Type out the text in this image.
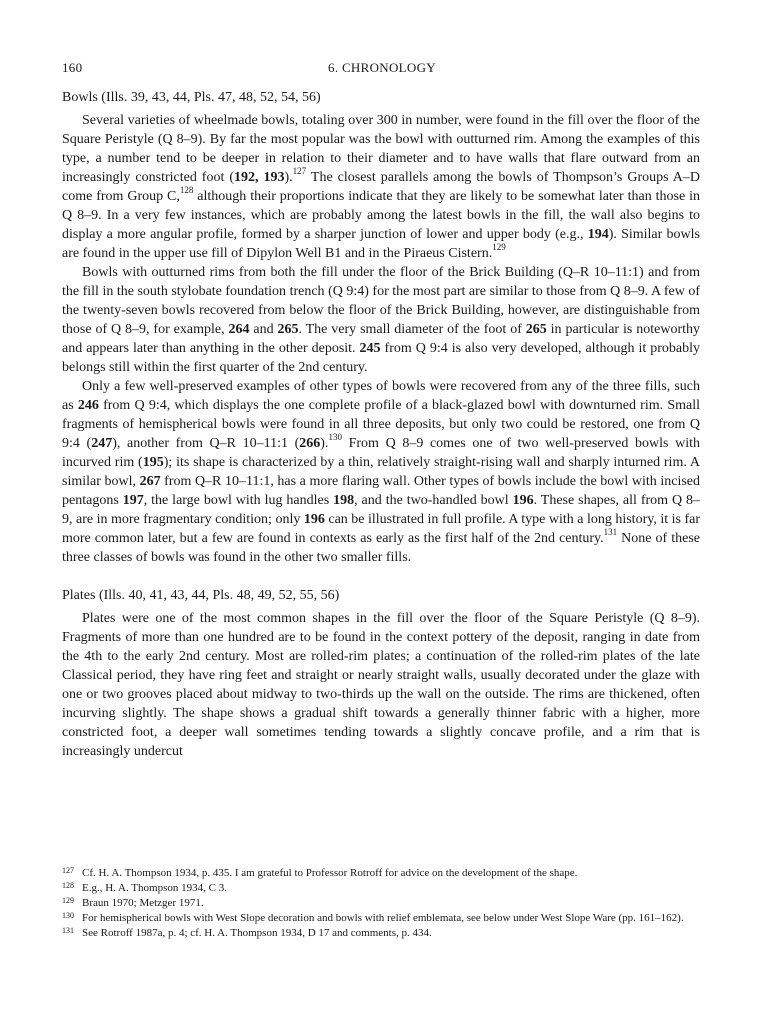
160	6. CHRONOLOGY
Bowls (Ills. 39, 43, 44, Pls. 47, 48, 52, 54, 56)

Several varieties of wheelmade bowls, totaling over 300 in number, were found in the fill over the floor of the Square Peristyle (Q 8–9). By far the most popular was the bowl with outturned rim. Among the examples of this type, a number tend to be deeper in relation to their diameter and to have walls that flare outward from an increasingly constricted foot (192, 193).$^{127}$ The closest parallels among the bowls of Thompson’s Groups A–D come from Group C,$^{128}$ although their proportions indicate that they are likely to be somewhat later than those in Q 8–9. In a very few instances, which are probably among the latest bowls in the fill, the wall also begins to display a more angular profile, formed by a sharper junction of lower and upper body (e.g., 194). Similar bowls are found in the upper use fill of Dipylon Well B1 and in the Piraeus Cistern.$^{129}$

Bowls with outturned rims from both the fill under the floor of the Brick Building (Q–R 10–11:1) and from the fill in the south stylobate foundation trench (Q 9:4) for the most part are similar to those from Q 8–9. A few of the twenty-seven bowls recovered from below the floor of the Brick Building, however, are distinguishable from those of Q 8–9, for example, 264 and 265. The very small diameter of the foot of 265 in particular is noteworthy and appears later than anything in the other deposit. 245 from Q 9:4 is also very developed, although it probably belongs still within the first quarter of the 2nd century.

Only a few well-preserved examples of other types of bowls were recovered from any of the three fills, such as 246 from Q 9:4, which displays the one complete profile of a black-glazed bowl with downturned rim. Small fragments of hemispherical bowls were found in all three deposits, but only two could be restored, one from Q 9:4 (247), another from Q–R 10–11:1 (266).$^{130}$ From Q 8–9 comes one of two well-preserved bowls with incurved rim (195); its shape is characterized by a thin, relatively straight-rising wall and sharply inturned rim. A similar bowl, 267 from Q–R 10–11:1, has a more flaring wall. Other types of bowls include the bowl with incised pentagons 197, the large bowl with lug handles 198, and the two-handled bowl 196. These shapes, all from Q 8–9, are in more fragmentary condition; only 196 can be illustrated in full profile. A type with a long history, it is far more common later, but a few are found in contexts as early as the first half of the 2nd century.$^{131}$ None of these three classes of bowls was found in the other two smaller fills.

Plates (Ills. 40, 41, 43, 44, Pls. 48, 49, 52, 55, 56)

Plates were one of the most common shapes in the fill over the floor of the Square Peristyle (Q 8–9). Fragments of more than one hundred are to be found in the context pottery of the deposit, ranging in date from the 4th to the early 2nd century. Most are rolled-rim plates; a continuation of the rolled-rim plates of the late Classical period, they have ring feet and straight or nearly straight walls, usually decorated under the glaze with one or two grooves placed about midway to two-thirds up the wall on the outside. The rims are thickened, often incurving slightly. The shape shows a gradual shift towards a generally thinner fabric with a higher, more constricted foot, a deeper wall sometimes tending towards a slightly concave profile, and a rim that is increasingly undercut

127 Cf. H. A. Thompson 1934, p. 435. I am grateful to Professor Rotroff for advice on the development of the shape.
128 E.g., H. A. Thompson 1934, C 3.
129 Braun 1970; Metzger 1971.
130 For hemispherical bowls with West Slope decoration and bowls with relief emblemata, see below under West Slope Ware (pp. 161–162).
131 See Rotroff 1987a, p. 4; cf. H. A. Thompson 1934, D 17 and comments, p. 434.
